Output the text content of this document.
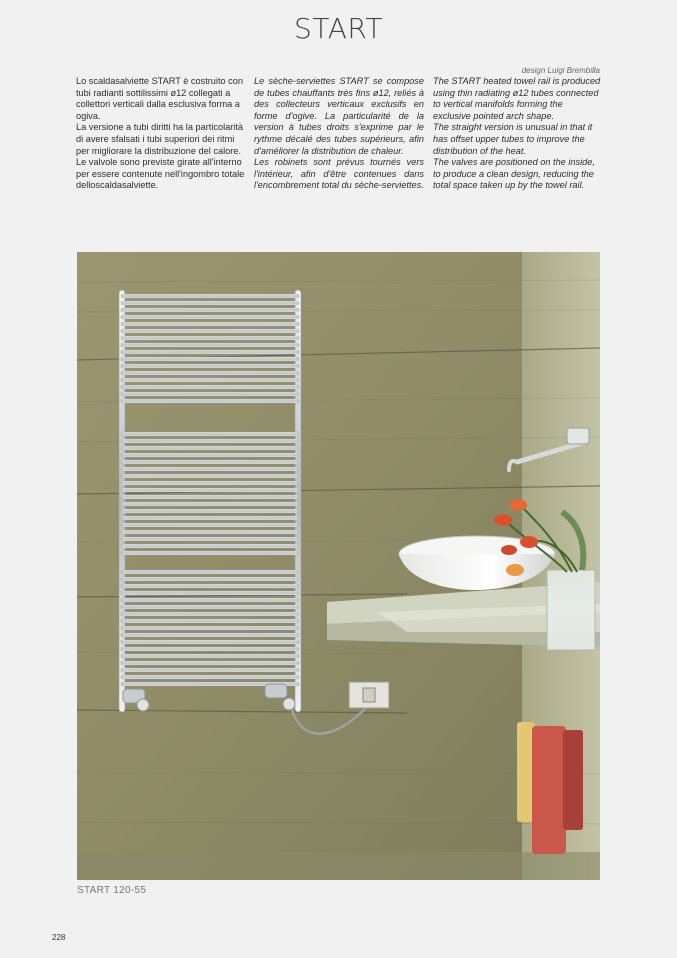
START
design Luigi Brembilla

Lo scaldasalviette START è costruito con tubi radianti sottilissimi ø12 collegati a collettori verticali dalla esclusiva forma a ogiva.

La versione a tubi diritti ha la particolarità di avere sfalsati i tubi superiori dei ritmi per migliorare la distribuzione del calore.

Le valvole sono previste girate all'interno per essere contenute nell'ingombro totale delloscaldasalviette.

Le sèche-serviettes START se compose de tubes chauffants très fins ø12, reliés à des collecteurs verticaux exclusifs en forme d'ogive. La particularité de la version à tubes droits s'exprime par le rythme décalé des tubes supérieurs, afin d'améliorer la distribution de chaleur.

Les robinets sont prévus tournés vers l'intérieur, afin d'être contenues dans l'encombrement total du sèche-serviettes.

The START heated towel rail is produced using thin radiating ø12 tubes connected to vertical manifolds forming the exclusive pointed arch shape.

The straight version is unusual in that it has offset upper tubes to improve the distribution of the heat.

The valves are positioned on the inside, to produce a clean design, reducing the total space taken up by the towel rail.

START 120-55
228
